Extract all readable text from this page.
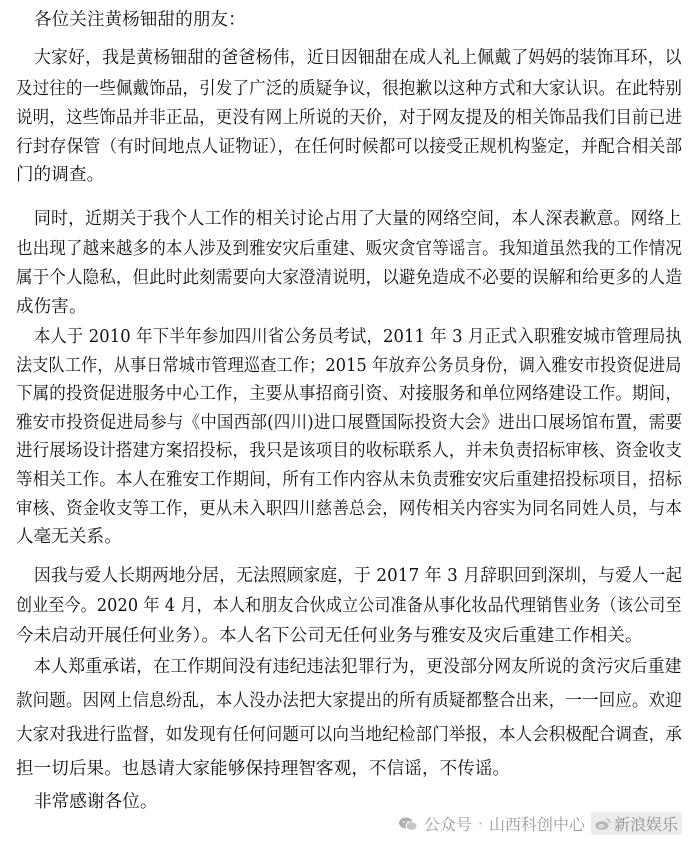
各位关注黄杨钿甜的朋友：
大家好，我是黄杨钿甜的爸爸杨伟，近日因钿甜在成人礼上佩戴了妈妈的装饰耳环，以
及过往的一些佩戴饰品，引发了广泛的质疑争议，很抱歉以这种方式和大家认识。在此特别
说明，这些饰品并非正品，更没有网上所说的天价，对于网友提及的相关饰品我们目前已进
行封存保管（有时间地点人证物证），在任何时候都可以接受正规机构鉴定，并配合相关部
门的调查。
同时，近期关于我个人工作的相关讨论占用了大量的网络空间，本人深表歉意。网络上
也出现了越来越多的本人涉及到雅安灾后重建、贩灾贪官等谣言。我知道虽然我的工作情况
属于个人隐私，但此时此刻需要向大家澄清说明，以避免造成不必要的误解和给更多的人造
成伤害。
本人于 2010 年下半年参加四川省公务员考试，2011 年 3 月正式入职雅安城市管理局执
法支队工作，从事日常城市管理巡查工作；2015 年放弃公务员身份，调入雅安市投资促进局
下属的投资促进服务中心工作，主要从事招商引资、对接服务和单位网络建设工作。期间，
雅安市投资促进局参与《中国西部(四川)进口展暨国际投资大会》进出口展场馆布置，需要
进行展场设计搭建方案招投标，我只是该项目的收标联系人，并未负责招标审核、资金收支
等相关工作。本人在雅安工作期间，所有工作内容从未负责雅安灾后重建招投标项目，招标
审核、资金收支等工作，更从未入职四川慈善总会，网传相关内容实为同名同姓人员，与本
人毫无关系。
因我与爱人长期两地分居，无法照顾家庭，于 2017 年 3 月辞职回到深圳，与爱人一起
创业至今。2020 年 4 月，本人和朋友合伙成立公司准备从事化妆品代理销售业务（该公司至
今未启动开展任何业务）。本人名下公司无任何业务与雅安及灾后重建工作相关。
本人郑重承诺，在工作期间没有违纪违法犯罪行为，更没部分网友所说的贪污灾后重建
款问题。因网上信息纷乱，本人没办法把大家提出的所有质疑都整合出来，一一回应。欢迎
大家对我进行监督，如发现有任何问题可以向当地纪检部门举报，本人会积极配合调查，承
担一切后果。也恳请大家能够保持理智客观，不信谣，不传谣。
非常感谢各位。
公众号 · 山西科创中心 新浪娱乐
